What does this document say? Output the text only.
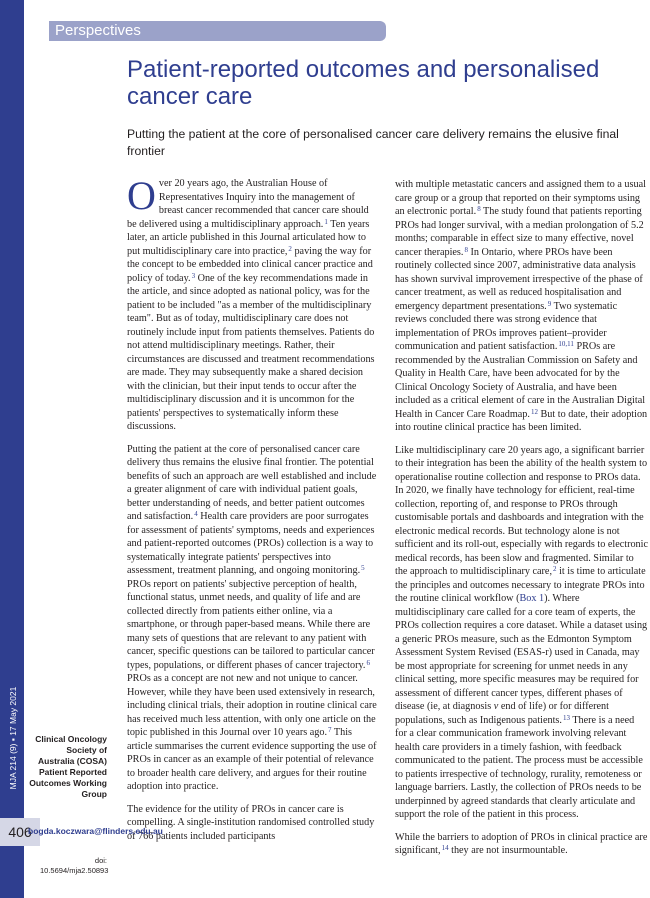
MJA 214 (9) ▪ 17 May 2021
406
Perspectives
Patient-reported outcomes and personalised cancer care

Putting the patient at the core of personalised cancer care delivery remains the elusive final frontier

Over 20 years ago, the Australian House of Representatives Inquiry into the management of breast cancer recommended that cancer care should be delivered using a multidisciplinary approach.$^1$ Ten years later, an article published in this Journal articulated how to put multidisciplinary care into practice,$^2$ paving the way for the concept to be embedded into clinical cancer practice and policy of today.$^3$ One of the key recommendations made in the article, and since adopted as national policy, was for the patient to be included "as a member of the multidisciplinary team". But as of today, multidisciplinary care does not routinely include input from patients themselves. Patients do not attend multidisciplinary meetings. Rather, their circumstances are discussed and treatment recommendations are made. They may subsequently make a shared decision with the clinician, but their input tends to occur after the multidisciplinary discussion and it is uncommon for the patients' perspectives to systematically inform these discussions.

Putting the patient at the core of personalised cancer care delivery thus remains the elusive final frontier. The potential benefits of such an approach are well established and include a greater alignment of care with individual patient goals, better understanding of needs, and better patient outcomes and satisfaction.$^4$ Health care providers are poor surrogates for assessment of patients' symptoms, needs and experiences and patient-reported outcomes (PROs) collection is a way to systematically integrate patients' perspectives into assessment, treatment planning, and ongoing monitoring.$^5$ PROs report on patients' subjective perception of health, functional status, unmet needs, and quality of life and are collected directly from patients either online, via a smartphone, or through paper-based means. While there are many sets of questions that are relevant to any patient with cancer, specific questions can be tailored to particular cancer types, populations, or different phases of cancer trajectory.$^6$ PROs as a concept are not new and not unique to cancer. However, while they have been used extensively in research, including clinical trials, their adoption in routine clinical care has received much less attention, with only one article on the topic published in this Journal over 10 years ago.$^7$ This article summarises the current evidence supporting the use of PROs in cancer as an example of their potential of relevance to broader health care delivery, and argues for their routine adoption into practice.

The evidence for the utility of PROs in cancer care is compelling. A single-institution randomised controlled study of 766 patients included participants

with multiple metastatic cancers and assigned them to a usual care group or a group that reported on their symptoms using an electronic portal.$^8$ The study found that patients reporting PROs had longer survival, with a median prolongation of 5.2 months; comparable in effect size to many effective, novel cancer therapies.$^8$ In Ontario, where PROs have been routinely collected since 2007, administrative data analysis has shown survival improvement irrespective of the phase of cancer treatment, as well as reduced hospitalisation and emergency department presentations.$^9$ Two systematic reviews concluded there was strong evidence that implementation of PROs improves patient–provider communication and patient satisfaction.$^{10,11}$ PROs are recommended by the Australian Commission on Safety and Quality in Health Care, have been advocated for by the Clinical Oncology Society of Australia, and have been included as a critical element of care in the Australian Digital Health in Cancer Care Roadmap.$^{12}$ But to date, their adoption into routine clinical practice has been limited.

Like multidisciplinary care 20 years ago, a significant barrier to their integration has been the ability of the health system to operationalise routine collection and response to PROs data. In 2020, we finally have technology for efficient, real-time collection, reporting of, and response to PROs through customisable portals and dashboards and integration with the electronic medical records. But technology alone is not sufficient and its roll-out, especially with regards to electronic medical records, has been slow and fragmented. Similar to the approach to multidisciplinary care,$^2$ it is time to articulate the principles and outcomes necessary to integrate PROs into the routine clinical workflow (Box 1). Where multidisciplinary care called for a core team of experts, the PROs collection requires a core dataset. While a dataset using a generic PROs measure, such as the Edmonton Symptom Assessment System Revised (ESAS-r) used in Canada, may be most appropriate for screening for unmet needs in any clinical setting, more specific measures may be required for assessment of different cancer types, different phases of disease (ie, at diagnosis v end of life) or for different populations, such as Indigenous patients.$^{13}$ There is a need for a clear communication framework involving relevant health care providers in a timely fashion, with feedback communicated to the patient. The process must be accessible to patients irrespective of technology, rurality, remoteness or language barriers. Lastly, the collection of PROs needs to be underpinned by agreed standards that clearly articulate and support the role of the patient in this process.

While the barriers to adoption of PROs in clinical practice are significant,$^{14}$ they are not insurmountable.

Clinical Oncology Society of Australia (COSA) Patient Reported Outcomes Working Group
bogda.koczwara@flinders.edu.au
doi: 10.5694/mja2.50893
